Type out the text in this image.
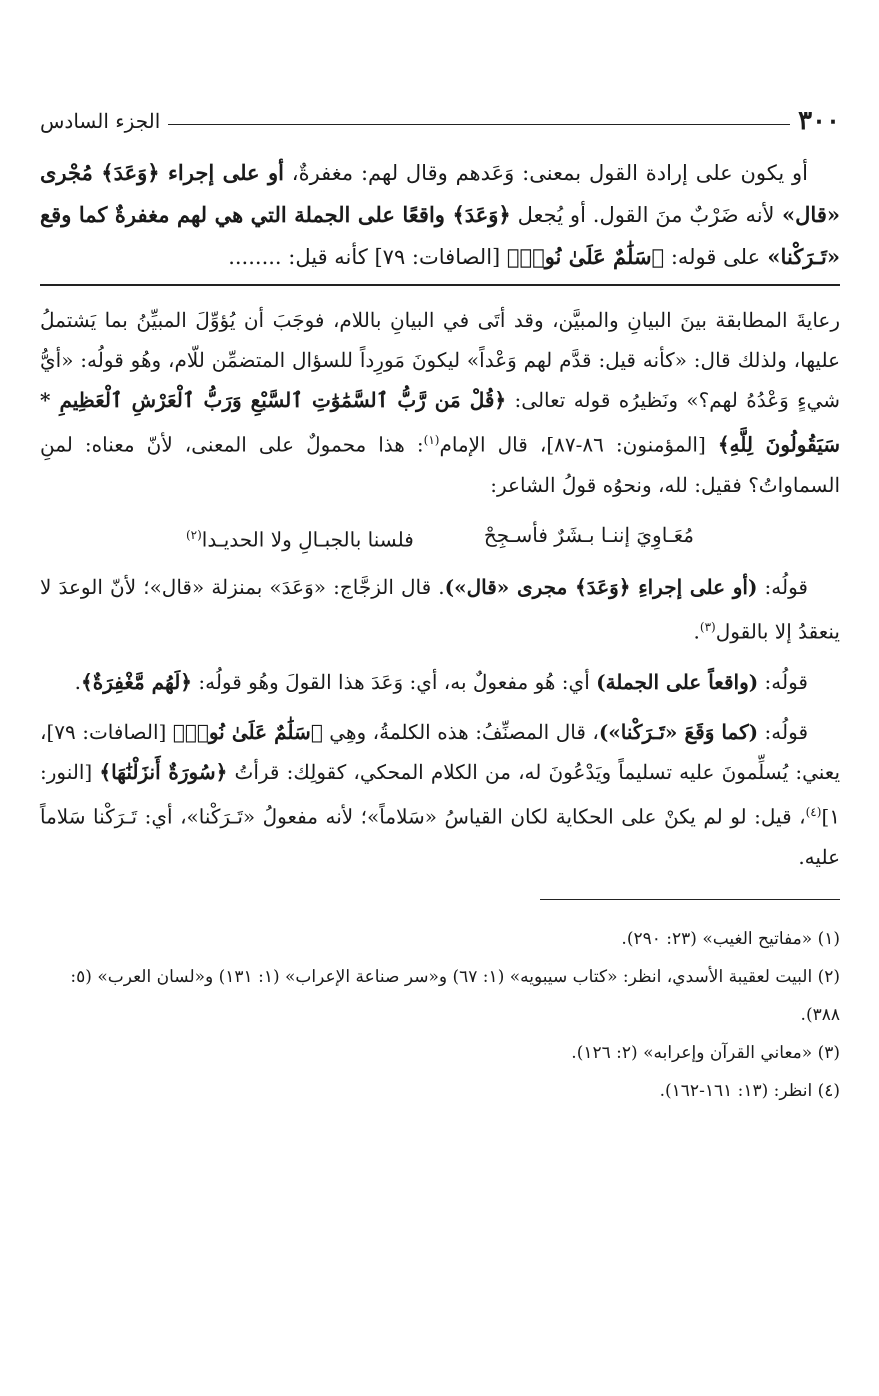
٣٠٠
الجزء السادس

أو يكون على إرادة القول بمعنى: وَعَدهم وقال لهم: مغفرةٌ، أو على إجراء ﴿وَعَدَ﴾ مُجْرى «قال» لأنه ضَرْبٌ منَ القول. أو يُجعل ﴿وَعَدَ﴾ واقعًا على الجملة التي هي لهم مغفرةٌ كما وقع «تَـرَكْنا» على قوله: ﴿سَلَٰمٌ عَلَىٰ نُوحٖ﴾ [الصافات: ٧٩] كأنه قيل: ........

رعايةَ المطابقة بينَ البيانِ والمبيَّن، وقد أتَى في البيانِ باللام، فوجَبَ أن يُؤوِّلَ المبيِّنُ بما يَشتملُ عليها، ولذلك قال: «كأنه قيل: قدَّم لهم وَعْداً» ليكونَ مَورِداً للسؤال المتضمِّن للّام، وهُو قولُه: «أيُّ شيءٍ وَعْدُهُ لهم؟» ونَظيرُه قوله تعالى: ﴿قُلْ مَن رَّبُّ ٱلسَّمَٰوَٰتِ ٱلسَّبْعِ وَرَبُّ ٱلْعَرْشِ ٱلْعَظِيمِ * سَيَقُولُونَ لِلَّهِ﴾ [المؤمنون: ٨٦-٨٧]، قال الإمام$^{(١)}$: هذا محمولٌ على المعنى، لأنّ معناه: لمنِ السماواتُ؟ فقيل: لله، ونحوُه قولُ الشاعر:

مُعَـاوِيَ إننـا بـشَرٌ فأسـجِحْ
فلسنا بالجبـالِ ولا الحديـدا$^{(٢)}$

قولُه: (أو على إجراءِ ﴿وَعَدَ﴾ مجرى «قال»). قال الزجَّاج: «وَعَدَ» بمنزلة «قال»؛ لأنّ الوعدَ لا ينعقدُ إلا بالقول$^{(٣)}$.

قولُه: (واقعاً على الجملة) أي: هُو مفعولٌ به، أي: وَعَدَ هذا القولَ وهُو قولُه: ﴿لَهُم مَّغْفِرَةٌ﴾.

قولُه: (كما وَقَعَ «تَـرَكْنا»)، قال المصنِّفُ: هذه الكلمةُ، وهِي ﴿سَلَٰمٌ عَلَىٰ نُوحٖ﴾ [الصافات: ٧٩]، يعني: يُسلِّمونَ عليه تسليماً ويَدْعُونَ له، من الكلام المحكي، كقولِك: قرأتُ ﴿سُورَةٌ أَنزَلْنَٰهَا﴾ [النور: ١]$^{(٤)}$، قيل: لو لم يكنْ على الحكاية لكان القياسُ «سَلاماً»؛ لأنه مفعولُ «تَـرَكْنا»، أي: تَـرَكْنا سَلاماً عليه.

(١) «مفاتيح الغيب» (٢٣: ٢٩٠).
(٢) البيت لعقيبة الأسدي، انظر: «كتاب سيبويه» (١: ٦٧) و«سر صناعة الإعراب» (١: ١٣١) و«لسان العرب» (٥: ٣٨٨).
(٣) «معاني القرآن وإعرابه» (٢: ١٢٦).
(٤) انظر: (١٣: ١٦١-١٦٢).
